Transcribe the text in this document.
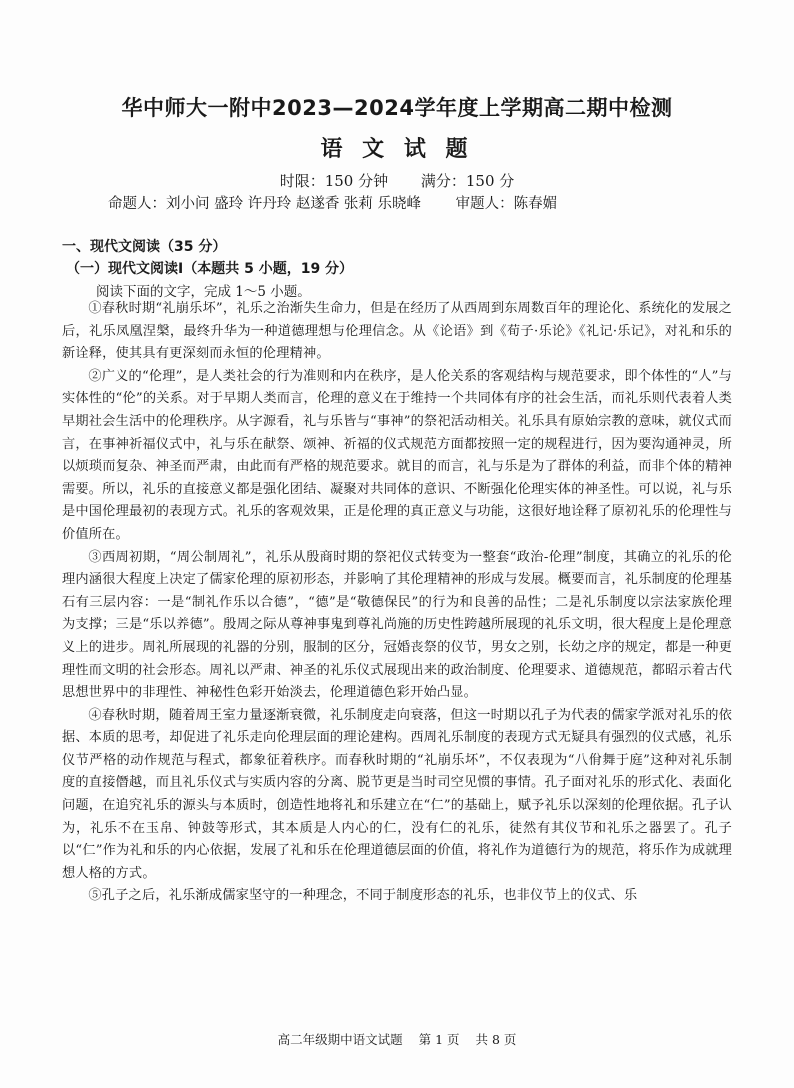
华中师大一附中2023—2024学年度上学期高二期中检测
语 文 试 题
时限：150 分钟 满分：150 分
命题人：刘小问 盛玲 许丹玲 赵遂香 张莉 乐晓峰 审题人：陈春媚
一、现代文阅读（35 分）
（一）现代文阅读Ⅰ（本题共 5 小题，19 分）
阅读下面的文字，完成 1～5 小题。

①春秋时期“礼崩乐坏”，礼乐之治渐失生命力，但是在经历了从西周到东周数百年的理论化、系统化的发展之后，礼乐凤凰涅槃，最终升华为一种道德理想与伦理信念。从《论语》到《荀子·乐论》《礼记·乐记》，对礼和乐的新诠释，使其具有更深刻而永恒的伦理精神。

②广义的“伦理”，是人类社会的行为准则和内在秩序，是人伦关系的客观结构与规范要求，即个体性的“人”与实体性的“伦”的关系。对于早期人类而言，伦理的意义在于维持一个共同体有序的社会生活，而礼乐则代表着人类早期社会生活中的伦理秩序。从字源看，礼与乐皆与“事神”的祭祀活动相关。礼乐具有原始宗教的意味，就仪式而言，在事神祈福仪式中，礼与乐在献祭、颂神、祈福的仪式规范方面都按照一定的规程进行，因为要沟通神灵，所以烦琐而复杂、神圣而严肃，由此而有严格的规范要求。就目的而言，礼与乐是为了群体的利益，而非个体的精神需要。所以，礼乐的直接意义都是强化团结、凝聚对共同体的意识、不断强化伦理实体的神圣性。可以说，礼与乐是中国伦理最初的表现方式。礼乐的客观效果，正是伦理的真正意义与功能，这很好地诠释了原初礼乐的伦理性与价值所在。

③西周初期，“周公制周礼”，礼乐从殷商时期的祭祀仪式转变为一整套“政治-伦理”制度，其确立的礼乐的伦理内涵很大程度上决定了儒家伦理的原初形态，并影响了其伦理精神的形成与发展。概要而言，礼乐制度的伦理基石有三层内容：一是“制礼作乐以合德”，“德”是“敬德保民”的行为和良善的品性；二是礼乐制度以宗法家族伦理为支撑；三是“乐以养德”。殷周之际从尊神事鬼到尊礼尚施的历史性跨越所展现的礼乐文明，很大程度上是伦理意义上的进步。周礼所展现的礼器的分别，服制的区分，冠婚丧祭的仪节，男女之别，长幼之序的规定，都是一种更理性而文明的社会形态。周礼以严肃、神圣的礼乐仪式展现出来的政治制度、伦理要求、道德规范，都昭示着古代思想世界中的非理性、神秘性色彩开始淡去，伦理道德色彩开始凸显。

④春秋时期，随着周王室力量逐渐衰微，礼乐制度走向衰落，但这一时期以孔子为代表的儒家学派对礼乐的依据、本质的思考，却促进了礼乐走向伦理层面的理论建构。西周礼乐制度的表现方式无疑具有强烈的仪式感，礼乐仪节严格的动作规范与程式，都象征着秩序。而春秋时期的“礼崩乐坏”，不仅表现为“八佾舞于庭”这种对礼乐制度的直接僭越，而且礼乐仪式与实质内容的分离、脱节更是当时司空见惯的事情。孔子面对礼乐的形式化、表面化问题，在追究礼乐的源头与本质时，创造性地将礼和乐建立在“仁”的基础上，赋予礼乐以深刻的伦理依据。孔子认为，礼乐不在玉帛、钟鼓等形式，其本质是人内心的仁，没有仁的礼乐，徒然有其仪节和礼乐之器罢了。孔子以“仁”作为礼和乐的内心依据，发展了礼和乐在伦理道德层面的价值，将礼作为道德行为的规范，将乐作为成就理想人格的方式。

⑤孔子之后，礼乐渐成儒家坚守的一种理念，不同于制度形态的礼乐，也非仪节上的仪式、乐

高二年级期中语文试题 第 1 页 共 8 页
